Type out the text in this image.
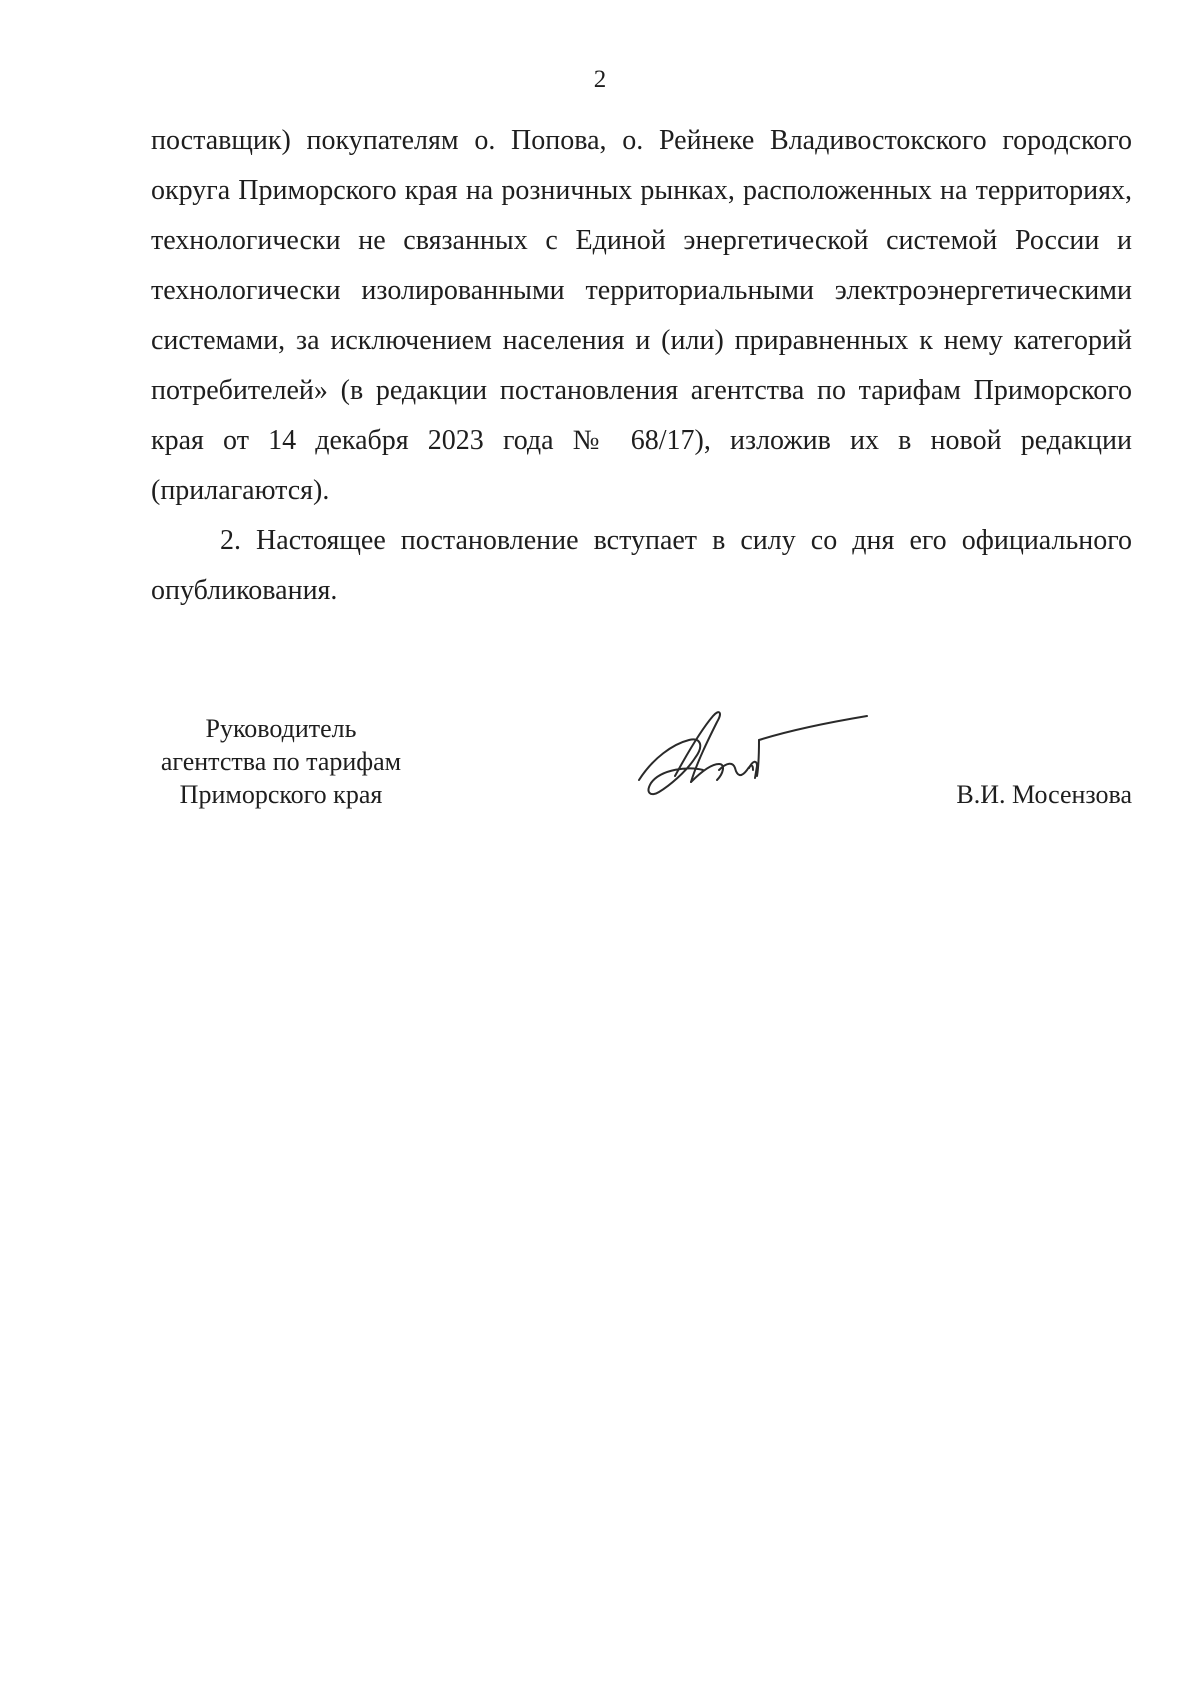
2
поставщик) покупателям о. Попова, о. Рейнеке Владивостокского городского
округа Приморского края на розничных рынках, расположенных на территориях,
технологически не связанных с Единой энергетической системой России и
технологически изолированными территориальными электроэнергетическими
системами, за исключением населения и (или) приравненных к нему категорий
потребителей» (в редакции постановления агентства по тарифам Приморского
края от 14 декабря 2023 года № 68/17), изложив их в новой редакции
(прилагаются).
2. Настоящее постановление вступает в силу со дня его официального
опубликования.
Руководитель
агентства по тарифам
Приморского края	В.И. Мосензова
